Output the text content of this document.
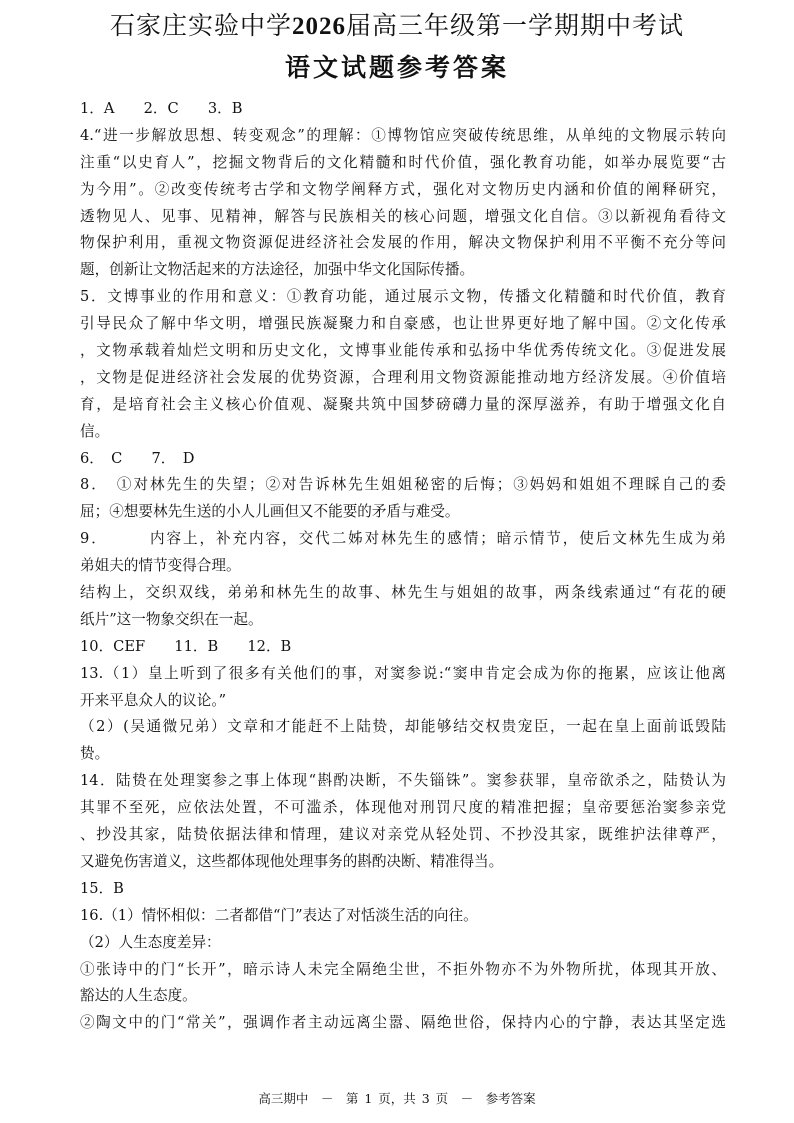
石家庄实验中学2026届高三年级第一学期期中考试
语文试题参考答案
1．A　　2．C　　3．B
4.“进一步解放思想、转变观念”的理解：①博物馆应突破传统思维，从单纯的文物展示转向
注重“以史育人”，挖掘文物背后的文化精髓和时代价值，强化教育功能，如举办展览要“古
为今用”。②改变传统考古学和文物学阐释方式，强化对文物历史内涵和价值的阐释研究，
透物见人、见事、见精神，解答与民族相关的核心问题，增强文化自信。③以新视角看待文
物保护利用，重视文物资源促进经济社会发展的作用，解决文物保护利用不平衡不充分等问
题，创新让文物活起来的方法途径，加强中华文化国际传播。
5．文博事业的作用和意义：①教育功能，通过展示文物，传播文化精髓和时代价值，教育
引导民众了解中华文明，增强民族凝聚力和自豪感，也让世界更好地了解中国。②文化传承
，文物承载着灿烂文明和历史文化，文博事业能传承和弘扬中华优秀传统文化。③促进发展
，文物是促进经济社会发展的优势资源，合理利用文物资源能推动地方经济发展。④价值培
育，是培育社会主义核心价值观、凝聚共筑中国梦磅礴力量的深厚滋养，有助于增强文化自
信。
6．　C　　7．　D
8．　①对林先生的失望；②对告诉林先生姐姐秘密的后悔；③妈妈和姐姐不理睬自己的委
屈；④想要林先生送的小人儿画但又不能要的矛盾与难受。
9．　　　内容上，补充内容，交代二姊对林先生的感情；暗示情节，使后文林先生成为弟
弟姐夫的情节变得合理。
结构上，交织双线，弟弟和林先生的故事、林先生与姐姐的故事，两条线索通过“有花的硬
纸片”这一物象交织在一起。
10．CEF　　11．B　　12．B
13.（1）皇上听到了很多有关他们的事，对窦参说:“窦申肯定会成为你的拖累，应该让他离
开来平息众人的议论。”
（2）(吴通微兄弟）文章和才能赶不上陆贽，却能够结交权贵宠臣，一起在皇上面前诋毁陆
贽。
14．陆贽在处理窦参之事上体现“斟酌决断，不失锱铢”。窦参获罪，皇帝欲杀之，陆贽认为
其罪不至死，应依法处置，不可滥杀，体现他对刑罚尺度的精准把握；皇帝要惩治窦参亲党
、抄没其家，陆贽依据法律和情理，建议对亲党从轻处罚、不抄没其家，既维护法律尊严，
又避免伤害道义，这些都体现他处理事务的斟酌决断、精准得当。
15．B
16.（1）情怀相似：二者都借“门”表达了对恬淡生活的向往。
（2）人生态度差异：
①张诗中的门“长开”，暗示诗人未完全隔绝尘世，不拒外物亦不为外物所扰，体现其开放、
豁达的人生态度。
②陶文中的门“常关”，强调作者主动远离尘嚣、隔绝世俗，保持内心的宁静，表达其坚定选
高三期中　－　第 1 页，共 3 页　－　参考答案
